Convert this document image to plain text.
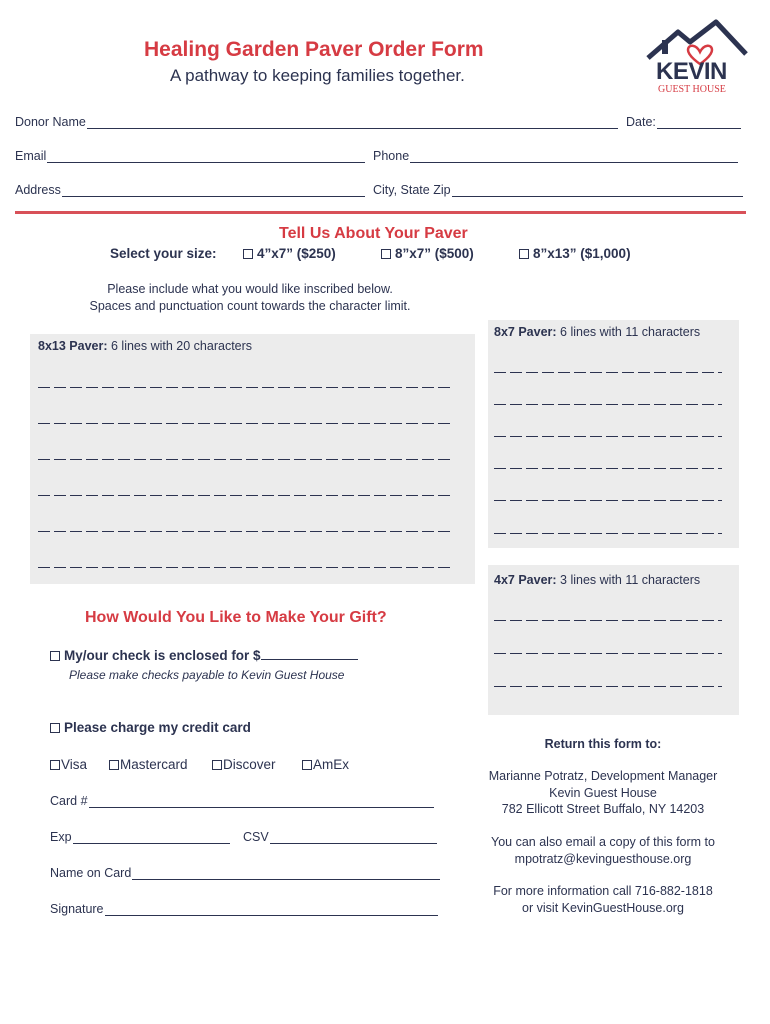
Healing Garden Paver Order Form
A pathway to keeping families together.	KEVIN
GUEST HOUSE
Donor Name	Date:
Email	Phone
Address	City, State Zip
Tell Us About Your Paver
Select your size:	4”x7” ($250)	8”x7” ($500)	8”x13” ($1,000)
Please include what you would like inscribed below.
Spaces and punctuation count towards the character limit.
8x13 Paver: 6 lines with 20 characters
8x7 Paver: 6 lines with 11 characters
4x7 Paver: 3 lines with 11 characters
How Would You Like to Make Your Gift?
My/our check is enclosed for $
Please make checks payable to Kevin Guest House
Please charge my credit card
Visa	Mastercard	Discover	AmEx
Card #
Exp	CSV
Name on Card
Signature
Return this form to:
Marianne Potratz, Development Manager
Kevin Guest House
782 Ellicott Street Buffalo, NY 14203
You can also email a copy of this form to
mpotratz@kevinguesthouse.org
For more information call 716-882-1818
or visit KevinGuestHouse.org
